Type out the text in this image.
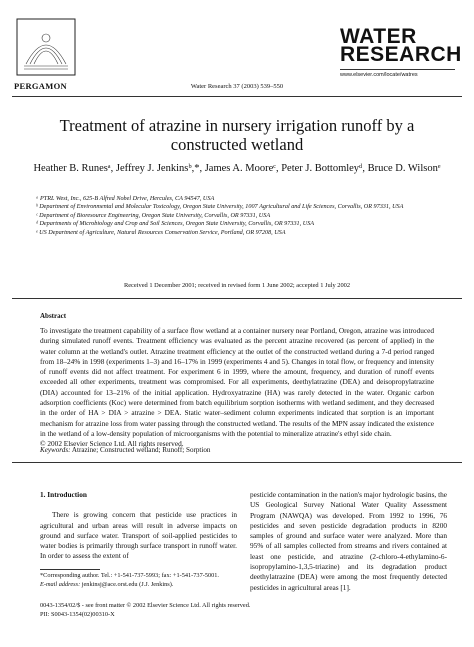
PERGAMON	Water Research 37 (2003) 539–550
WATER
RESEARCH
www.elsevier.com/locate/watres
Treatment of atrazine in nursery irrigation runoff by a constructed wetland
Heather B. Runesᵃ, Jeffrey J. Jenkinsᵇ,*, James A. Mooreᶜ, Peter J. Bottomleyᵈ, Bruce D. Wilsonᵉ
ᵃ PTRL West, Inc., 625-B Alfred Nobel Drive, Hercules, CA 94547, USA
ᵇ Department of Environmental and Molecular Toxicology, Oregon State University, 1007 Agricultural and Life Sciences, Corvallis, OR 97331, USA
ᶜ Department of Bioresource Engineering, Oregon State University, Corvallis, OR 97331, USA
ᵈ Departments of Microbiology and Crop and Soil Sciences, Oregon State University, Corvallis, OR 97331, USA
ᵉ US Department of Agriculture, Natural Resources Conservation Service, Portland, OR 97208, USA
Received 1 December 2001; received in revised form 1 June 2002; accepted 1 July 2002
Abstract
To investigate the treatment capability of a surface flow wetland at a container nursery near Portland, Oregon, atrazine was introduced during simulated runoff events. Treatment efficiency was evaluated as the percent atrazine recovered (as percent of applied) in the water column at the wetland's outlet. Atrazine treatment efficiency at the outlet of the constructed wetland during a 7-d period ranged from 18–24% in 1998 (experiments 1–3) and 16–17% in 1999 (experiments 4 and 5). Changes in total flow, or frequency and intensity of runoff events did not affect treatment. For experiment 6 in 1999, where the amount, frequency, and duration of runoff events exceeded all other experiments, treatment was compromised. For all experiments, deethylatrazine (DEA) and deisopropylatrazine (DIA) accounted for 13–21% of the initial application. Hydroxyatrazine (HA) was rarely detected in the water. Organic carbon adsorption coefficients (Koc) were determined from batch equilibrium sorption isotherms with wetland sediment, and they decreased in the order of HA > DIA > atrazine > DEA. Static water–sediment column experiments indicated that sorption is an important mechanism for atrazine loss from water passing through the constructed wetland. The results of the MPN assay indicated the existence in the wetland of a low-density population of microorganisms with the potential to mineralize atrazine's ethyl side chain.
© 2002 Elsevier Science Ltd. All rights reserved.
Keywords: Atrazine; Constructed wetland; Runoff; Sorption
1. Introduction
There is growing concern that pesticide use practices in agricultural and urban areas will result in adverse impacts on ground and surface water. Transport of soil-applied pesticides to water bodies is primarily through surface transport in runoff water. In order to assess the extent of
pesticide contamination in the nation's major hydrologic basins, the US Geological Survey National Water Quality Assessment Program (NAWQA) was developed. From 1992 to 1996, 76 pesticides and seven pesticide degradation products in 8200 samples of ground and surface water were analyzed. More than 95% of all samples collected from streams and rivers contained at least one pesticide, and atrazine (2-chloro-4-ethylamino-6-isopropylamino-1,3,5-triazine) and its degradation product deethylatrazine (DEA) were among the most frequently detected pesticides in agricultural areas [1].
*Corresponding author. Tel.: +1-541-737-5993; fax: +1-541-737-5001.
E-mail address: jenkinsj@ace.orst.edu (J.J. Jenkins).
0043-1354/02/$ - see front matter © 2002 Elsevier Science Ltd. All rights reserved.
PII: S0043-1354(02)00310-X
